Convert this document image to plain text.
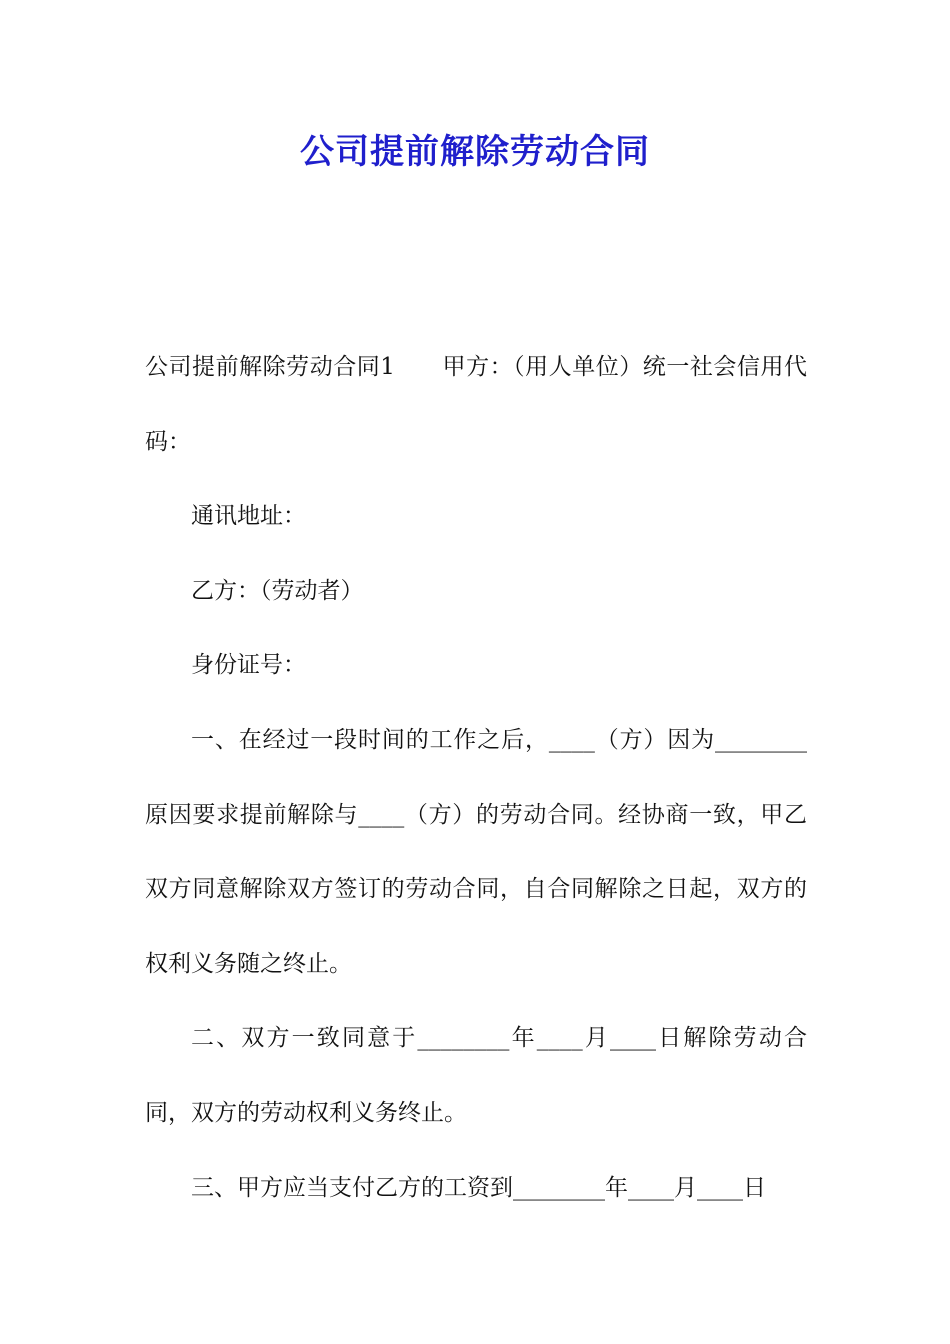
公司提前解除劳动合同

公司提前解除劳动合同1　　甲方：（用人单位）统一社会信用代码：

通讯地址：

乙方：（劳动者）

身份证号：

一、在经过一段时间的工作之后，____（方）因为________原因要求提前解除与____（方）的劳动合同。经协商一致，甲乙双方同意解除双方签订的劳动合同，自合同解除之日起，双方的权利义务随之终止。

二、双方一致同意于________年____月____日解除劳动合同，双方的劳动权利义务终止。

三、甲方应当支付乙方的工资到________年____月____日
